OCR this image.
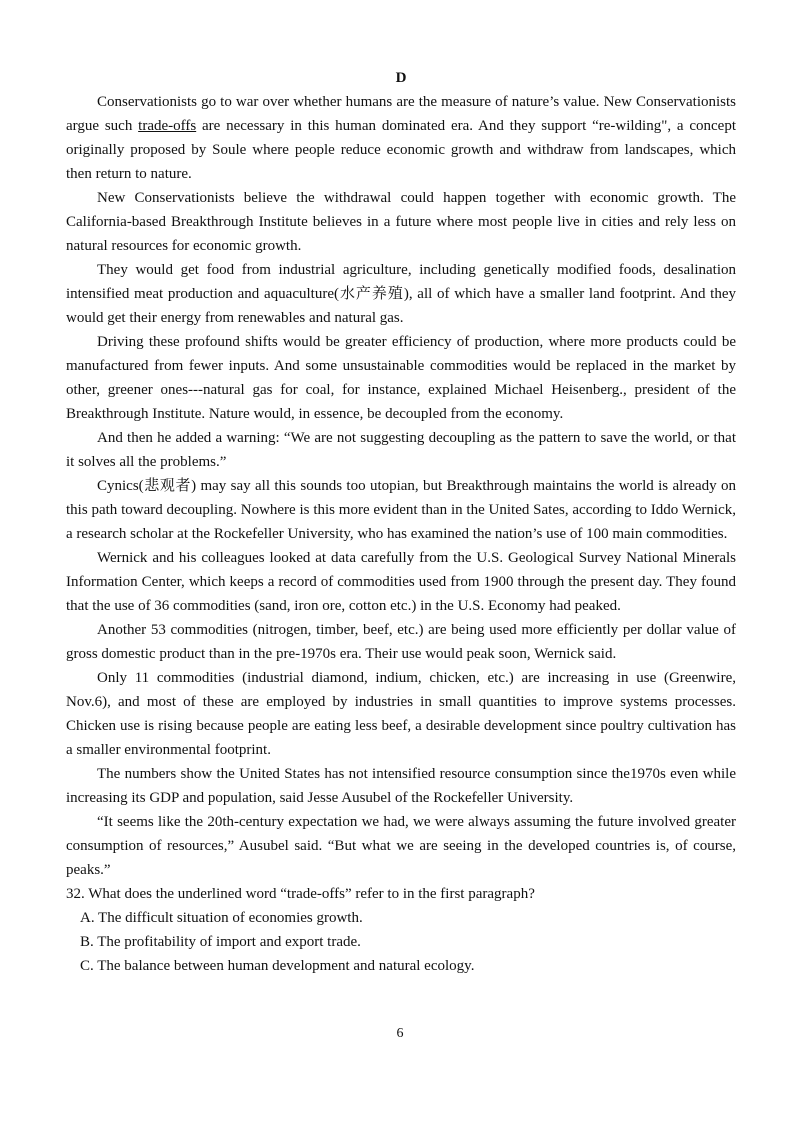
D

Conservationists go to war over whether humans are the measure of nature’s value. New Conservationists argue such trade-offs are necessary in this human dominated era. And they support “re-wilding", a concept originally proposed by Soule where people reduce economic growth and withdraw from landscapes, which then return to nature.

New Conservationists believe the withdrawal could happen together with economic growth. The California-based Breakthrough Institute believes in a future where most people live in cities and rely less on natural resources for economic growth.

They would get food from industrial agriculture, including genetically modified foods, desalination intensified meat production and aquaculture(水产养殖), all of which have a smaller land footprint. And they would get their energy from renewables and natural gas.

Driving these profound shifts would be greater efficiency of production, where more products could be manufactured from fewer inputs. And some unsustainable commodities would be replaced in the market by other, greener ones---natural gas for coal, for instance, explained Michael Heisenberg., president of the Breakthrough Institute. Nature would, in essence, be decoupled from the economy.

And then he added a warning: “We are not suggesting decoupling as the pattern to save the world, or that it solves all the problems.”

Cynics(悲观者) may say all this sounds too utopian, but Breakthrough maintains the world is already on this path toward decoupling. Nowhere is this more evident than in the United Sates, according to Iddo Wernick, a research scholar at the Rockefeller University, who has examined the nation’s use of 100 main commodities.

Wernick and his colleagues looked at data carefully from the U.S. Geological Survey National Minerals Information Center, which keeps a record of commodities used from 1900 through the present day. They found that the use of 36 commodities (sand, iron ore, cotton etc.) in the U.S. Economy had peaked.

Another 53 commodities (nitrogen, timber, beef, etc.) are being used more efficiently per dollar value of gross domestic product than in the pre-1970s era. Their use would peak soon, Wernick said.

Only 11 commodities (industrial diamond, indium, chicken, etc.) are increasing in use (Greenwire, Nov.6), and most of these are employed by industries in small quantities to improve systems processes. Chicken use is rising because people are eating less beef, a desirable development since poultry cultivation has a smaller environmental footprint.

The numbers show the United States has not intensified resource consumption since the1970s even while increasing its GDP and population, said Jesse Ausubel of the Rockefeller University.

“It seems like the 20th-century expectation we had, we were always assuming the future involved greater consumption of resources,” Ausubel said. “But what we are seeing in the developed countries is, of course, peaks.”

32. What does the underlined word “trade-offs” refer to in the first paragraph?

A. The difficult situation of economies growth.

B. The profitability of import and export trade.

C. The balance between human development and natural ecology.

6
